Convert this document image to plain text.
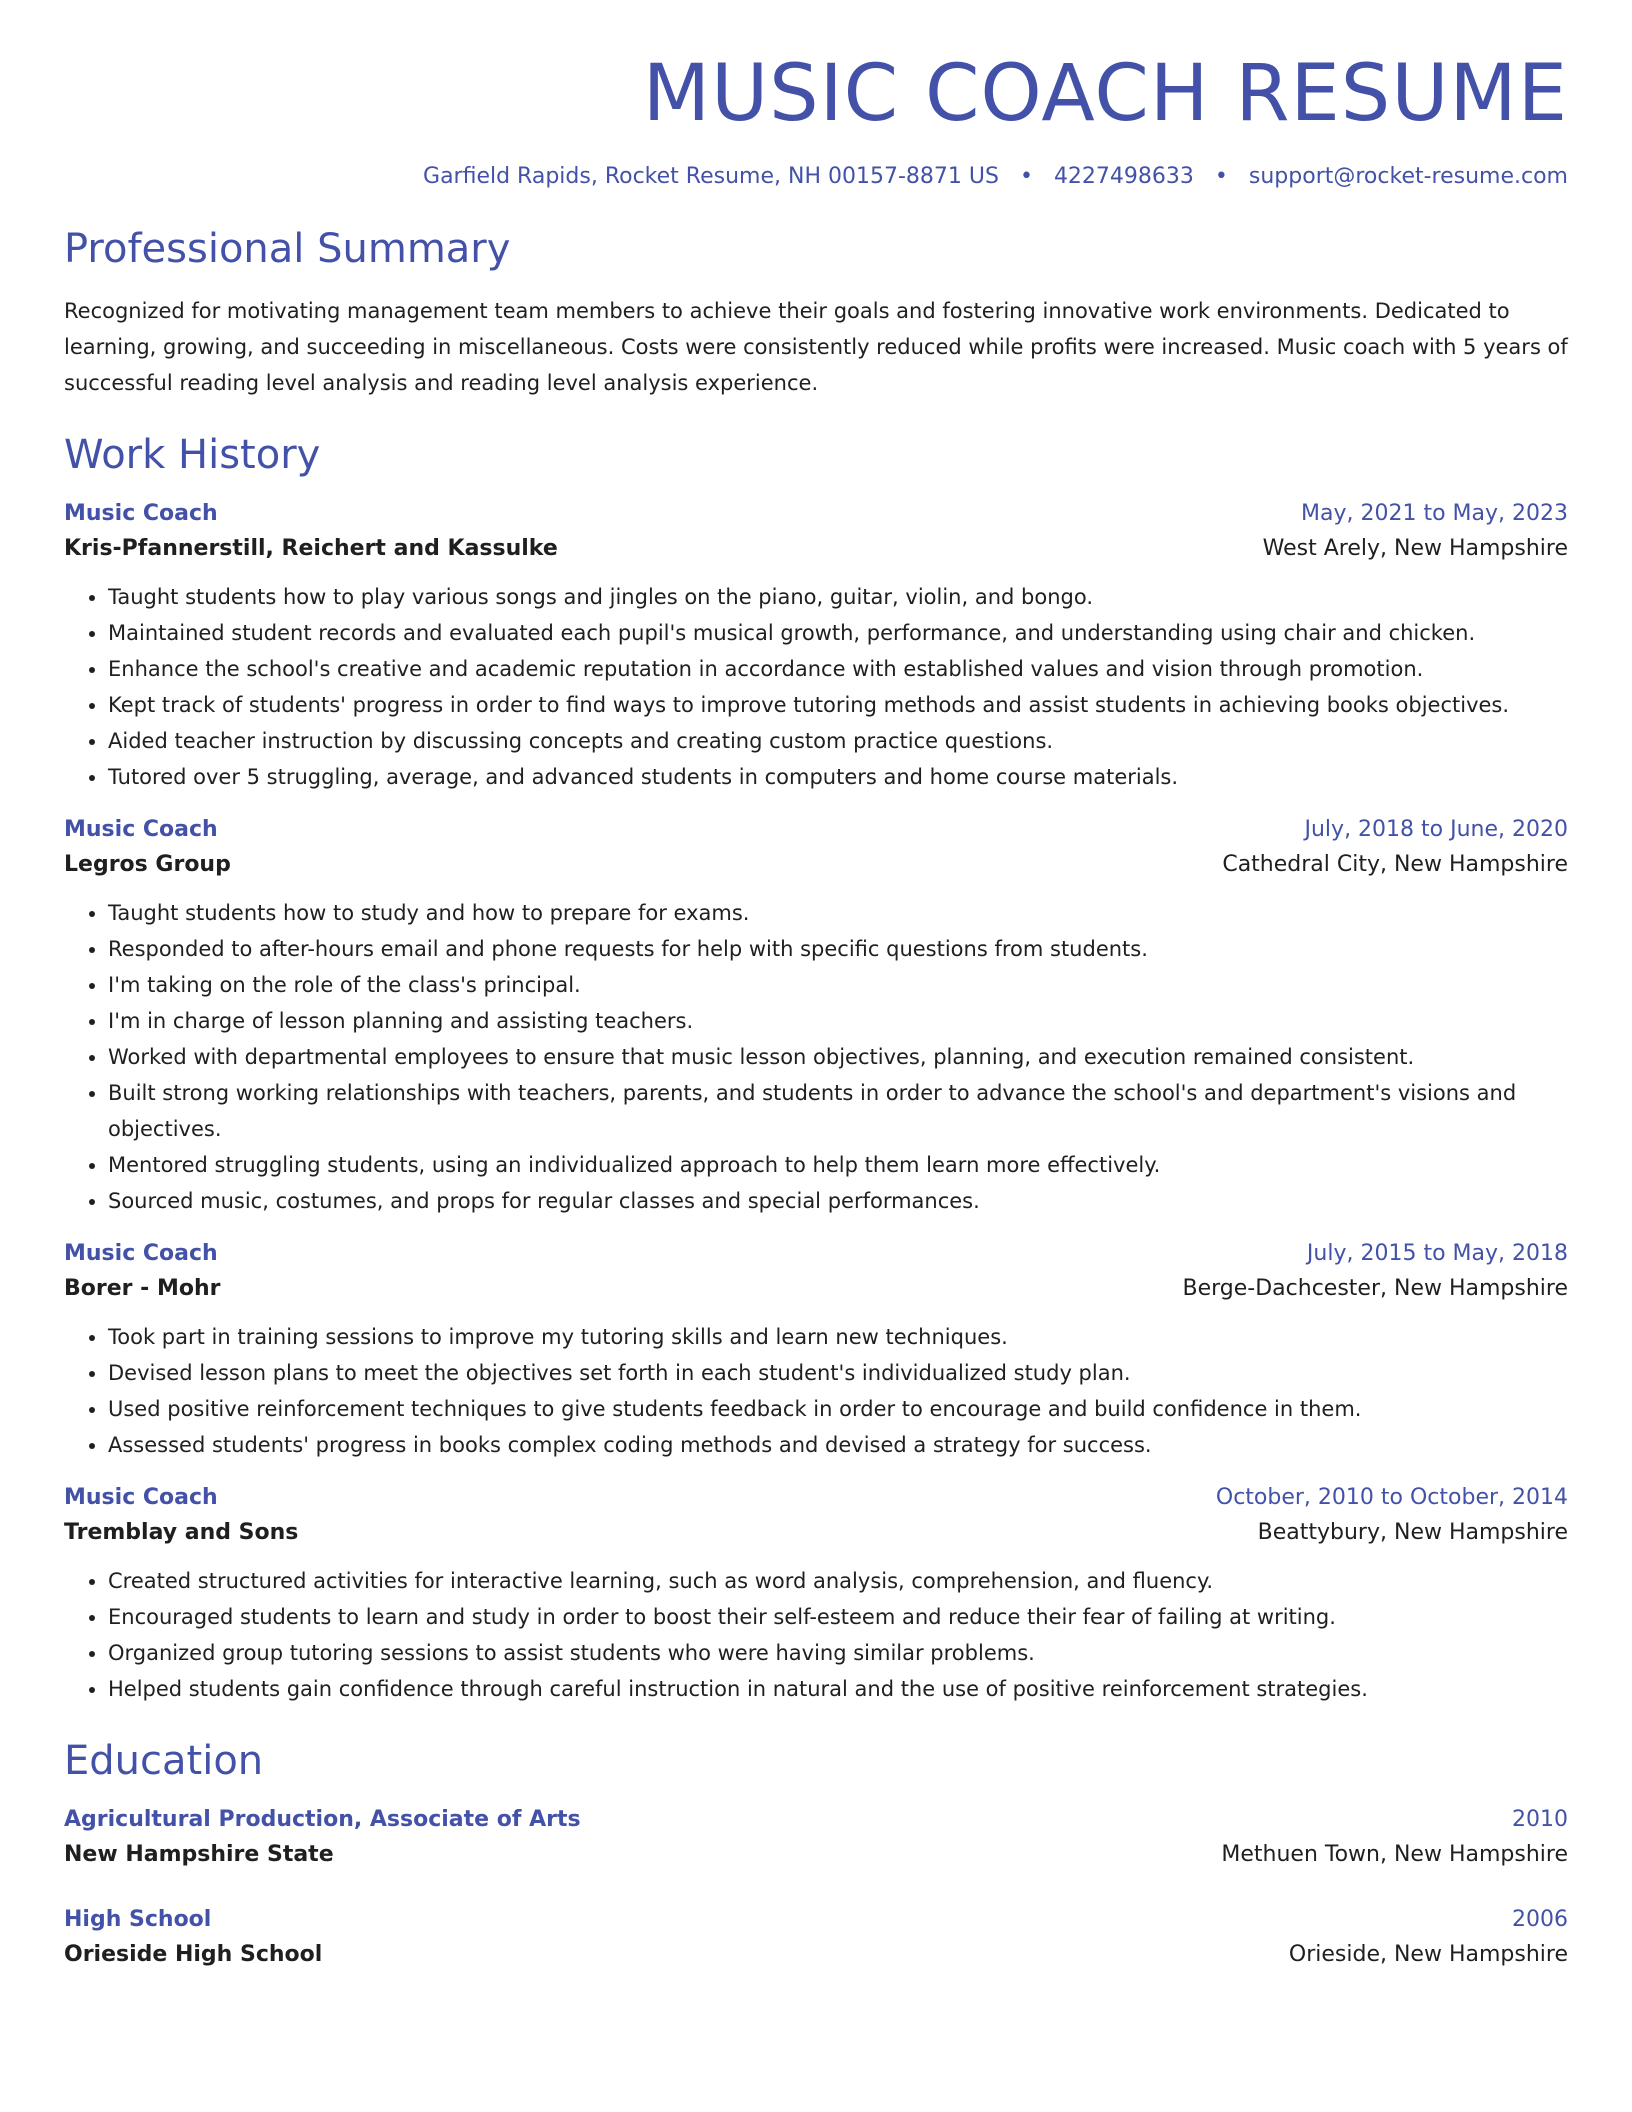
MUSIC COACH RESUME
Garfield Rapids, Rocket Resume, NH 00157-8871 US • 4227498633 • support@rocket-resume.com
Professional Summary
Recognized for motivating management team members to achieve their goals and fostering innovative work environments. Dedicated to learning, growing, and succeeding in miscellaneous. Costs were consistently reduced while profits were increased. Music coach with 5 years of successful reading level analysis and reading level analysis experience.
Work History
Music Coach	May, 2021 to May, 2023
Kris-Pfannerstill, Reichert and Kassulke	West Arely, New Hampshire
• Taught students how to play various songs and jingles on the piano, guitar, violin, and bongo.
• Maintained student records and evaluated each pupil's musical growth, performance, and understanding using chair and chicken.
• Enhance the school's creative and academic reputation in accordance with established values and vision through promotion.
• Kept track of students' progress in order to find ways to improve tutoring methods and assist students in achieving books objectives.
• Aided teacher instruction by discussing concepts and creating custom practice questions.
• Tutored over 5 struggling, average, and advanced students in computers and home course materials.
Music Coach	July, 2018 to June, 2020
Legros Group	Cathedral City, New Hampshire
• Taught students how to study and how to prepare for exams.
• Responded to after-hours email and phone requests for help with specific questions from students.
• I'm taking on the role of the class's principal.
• I'm in charge of lesson planning and assisting teachers.
• Worked with departmental employees to ensure that music lesson objectives, planning, and execution remained consistent.
• Built strong working relationships with teachers, parents, and students in order to advance the school's and department's visions and objectives.
• Mentored struggling students, using an individualized approach to help them learn more effectively.
• Sourced music, costumes, and props for regular classes and special performances.
Music Coach	July, 2015 to May, 2018
Borer - Mohr	Berge-Dachcester, New Hampshire
• Took part in training sessions to improve my tutoring skills and learn new techniques.
• Devised lesson plans to meet the objectives set forth in each student's individualized study plan.
• Used positive reinforcement techniques to give students feedback in order to encourage and build confidence in them.
• Assessed students' progress in books complex coding methods and devised a strategy for success.
Music Coach	October, 2010 to October, 2014
Tremblay and Sons	Beattybury, New Hampshire
• Created structured activities for interactive learning, such as word analysis, comprehension, and fluency.
• Encouraged students to learn and study in order to boost their self-esteem and reduce their fear of failing at writing.
• Organized group tutoring sessions to assist students who were having similar problems.
• Helped students gain confidence through careful instruction in natural and the use of positive reinforcement strategies.
Education
Agricultural Production, Associate of Arts	2010
New Hampshire State	Methuen Town, New Hampshire
High School	2006
Orieside High School	Orieside, New Hampshire
